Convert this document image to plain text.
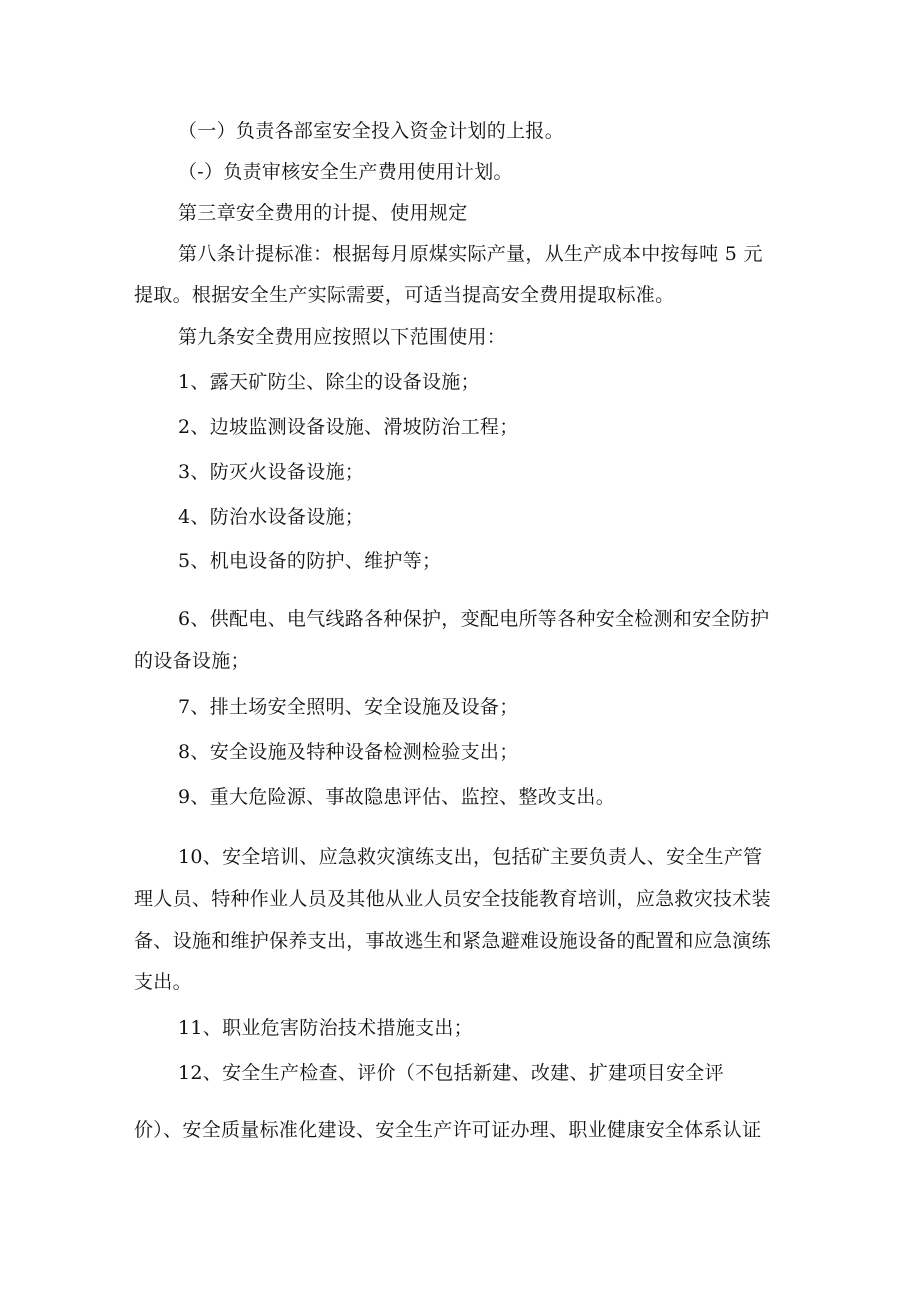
（一）负责各部室安全投入资金计划的上报。
（-）负责审核安全生产费用使用计划。
第三章安全费用的计提、使用规定
第八条计提标准：根据每月原煤实际产量，从生产成本中按每吨 5 元
提取。根据安全生产实际需要，可适当提高安全费用提取标准。
第九条安全费用应按照以下范围使用：
1、露天矿防尘、除尘的设备设施；
2、边坡监测设备设施、滑坡防治工程；
3、防灭火设备设施；
4、防治水设备设施；
5、机电设备的防护、维护等；
6、供配电、电气线路各种保护，变配电所等各种安全检测和安全防护
的设备设施；
7、排土场安全照明、安全设施及设备；
8、安全设施及特种设备检测检验支出；
9、重大危险源、事故隐患评估、监控、整改支出。
10、安全培训、应急救灾演练支出，包括矿主要负责人、安全生产管
理人员、特种作业人员及其他从业人员安全技能教育培训，应急救灾技术装
备、设施和维护保养支出，事故逃生和紧急避难设施设备的配置和应急演练
支出。
11、职业危害防治技术措施支出；
12、安全生产检查、评价（不包括新建、改建、扩建项目安全评
价）、安全质量标准化建设、安全生产许可证办理、职业健康安全体系认证
